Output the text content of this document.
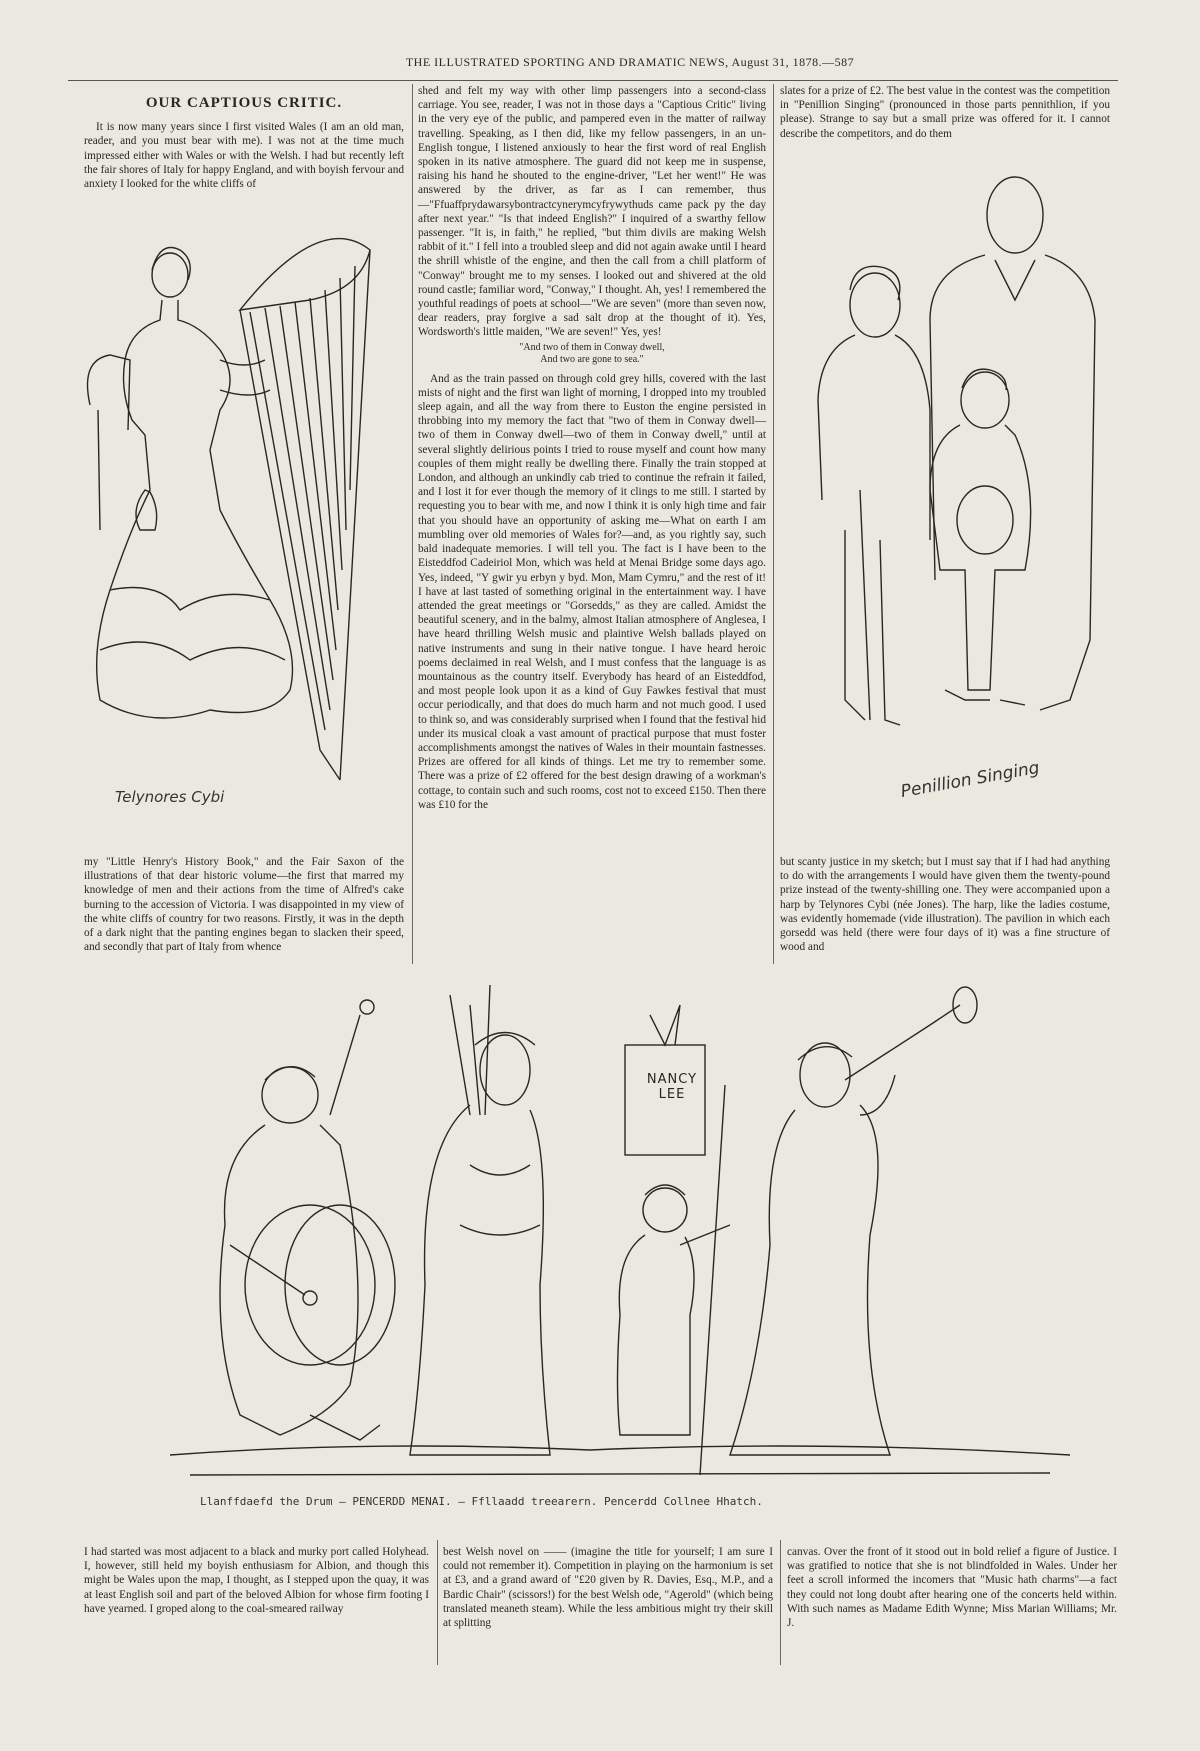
THE ILLUSTRATED SPORTING AND DRAMATIC NEWS, August 31, 1878.—587
OUR CAPTIOUS CRITIC.

It is now many years since I first visited Wales (I am an old man, reader, and you must bear with me). I was not at the time much impressed either with Wales or with the Welsh. I had but recently left the fair shores of Italy for happy England, and with boyish fervour and anxiety I looked for the white cliffs of

Telynores Cybi

my "Little Henry's History Book," and the Fair Saxon of the illustrations of that dear historic volume—the first that marred my knowledge of men and their actions from the time of Alfred's cake burning to the accession of Victoria. I was disappointed in my view of the white cliffs of country for two reasons. Firstly, it was in the depth of a dark night that the panting engines began to slacken their speed, and secondly that part of Italy from whence

shed and felt my way with other limp passengers into a second-class carriage. You see, reader, I was not in those days a "Captious Critic" living in the very eye of the public, and pampered even in the matter of railway travelling. Speaking, as I then did, like my fellow passengers, in an un-English tongue, I listened anxiously to hear the first word of real English spoken in its native atmosphere. The guard did not keep me in suspense, raising his hand he shouted to the engine-driver, "Let her went!" He was answered by the driver, as far as I can remember, thus—"Ffuaffprydawarsybontractcynerymcyfrywythuds came pack py the day after next year." "Is that indeed English?" I inquired of a swarthy fellow passenger. "It is, in faith," he replied, "but thim divils are making Welsh rabbit of it." I fell into a troubled sleep and did not again awake until I heard the shrill whistle of the engine, and then the call from a chill platform of "Conway" brought me to my senses. I looked out and shivered at the old round castle; familiar word, "Conway," I thought. Ah, yes! I remembered the youthful readings of poets at school—"We are seven" (more than seven now, dear readers, pray forgive a sad salt drop at the thought of it). Yes, Wordsworth's little maiden, "We are seven!" Yes, yes!

"And two of them in Conway dwell,
And two are gone to sea."

And as the train passed on through cold grey hills, covered with the last mists of night and the first wan light of morning, I dropped into my troubled sleep again, and all the way from there to Euston the engine persisted in throbbing into my memory the fact that "two of them in Conway dwell—two of them in Conway dwell—two of them in Conway dwell," until at several slightly delirious points I tried to rouse myself and count how many couples of them might really be dwelling there. Finally the train stopped at London, and although an unkindly cab tried to continue the refrain it failed, and I lost it for ever though the memory of it clings to me still. I started by requesting you to bear with me, and now I think it is only high time and fair that you should have an opportunity of asking me—What on earth I am mumbling over old memories of Wales for?—and, as you rightly say, such bald inadequate memories. I will tell you. The fact is I have been to the Eisteddfod Cadeiriol Mon, which was held at Menai Bridge some days ago. Yes, indeed, "Y gwir yu erbyn y byd. Mon, Mam Cymru," and the rest of it! I have at last tasted of something original in the entertainment way. I have attended the great meetings or "Gorsedds," as they are called. Amidst the beautiful scenery, and in the balmy, almost Italian atmosphere of Anglesea, I have heard thrilling Welsh music and plaintive Welsh ballads played on native instruments and sung in their native tongue. I have heard heroic poems declaimed in real Welsh, and I must confess that the language is as mountainous as the country itself. Everybody has heard of an Eisteddfod, and most people look upon it as a kind of Guy Fawkes festival that must occur periodically, and that does do much harm and not much good. I used to think so, and was considerably surprised when I found that the festival hid under its musical cloak a vast amount of practical purpose that must foster accomplishments amongst the natives of Wales in their mountain fastnesses. Prizes are offered for all kinds of things. Let me try to remember some. There was a prize of £2 offered for the best design drawing of a workman's cottage, to contain such and such rooms, cost not to exceed £150. Then there was £10 for the

slates for a prize of £2. The best value in the contest was the competition in "Penillion Singing" (pronounced in those parts pennithlion, if you please). Strange to say but a small prize was offered for it. I cannot describe the competitors, and do them

Penillion Singing

but scanty justice in my sketch; but I must say that if I had had anything to do with the arrangements I would have given them the twenty-pound prize instead of the twenty-shilling one. They were accompanied upon a harp by Telynores Cybi (née Jones). The harp, like the ladies costume, was evidently homemade (vide illustration). The pavilion in which each gorsedd was held (there were four days of it) was a fine structure of wood and

NANCY
LEE
Llanffdaefd the Drum — PENCERDD MENAI. — Ffllaadd treearern. Pencerdd Collnee Hhatch.

I had started was most adjacent to a black and murky port called Holyhead. I, however, still held my boyish enthusiasm for Albion, and though this might be Wales upon the map, I thought, as I stepped upon the quay, it was at least English soil and part of the beloved Albion for whose firm footing I have yearned. I groped along to the coal-smeared railway

best Welsh novel on —— (imagine the title for yourself; I am sure I could not remember it). Competition in playing on the harmonium is set at £3, and a grand award of "£20 given by R. Davies, Esq., M.P., and a Bardic Chair" (scissors!) for the best Welsh ode, "Agerold" (which being translated meaneth steam). While the less ambitious might try their skill at splitting

canvas. Over the front of it stood out in bold relief a figure of Justice. I was gratified to notice that she is not blindfolded in Wales. Under her feet a scroll informed the incomers that "Music hath charms"—a fact they could not long doubt after hearing one of the concerts held within. With such names as Madame Edith Wynne; Miss Marian Williams; Mr. J.
